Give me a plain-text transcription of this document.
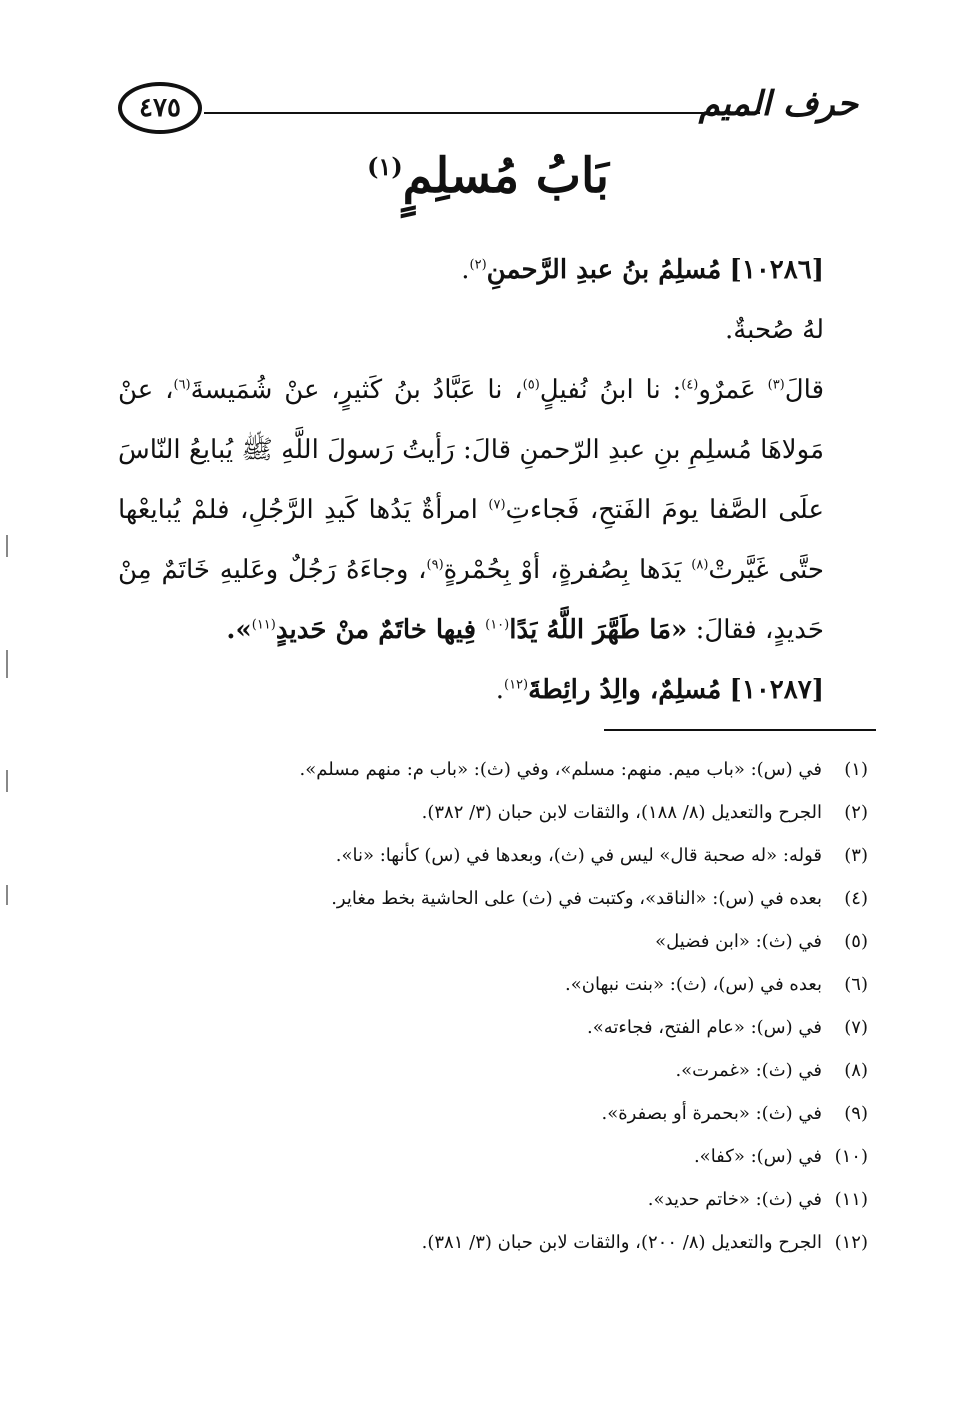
حرف الميم
٤٧٥
بَابُ مُسلِمٍ$^{(١)}$

[١٠٢٨٦] مُسلِمُ بنُ عبدِ الرَّحمنِ$^{(٢)}$.

لهُ صُحبةٌ.

قالَ$^{(٣)}$ عَمرٌو$^{(٤)}$: نا ابنُ نُفيلٍ$^{(٥)}$، نا عَبَّادُ بنُ كَثيرٍ، عنْ شُمَيسةَ$^{(٦)}$، عنْ مَولاهَا مُسلِمِ بنِ عبدِ الرّحمنِ قالَ: رَأيتُ رَسولَ اللَّهِ ﷺ يُبايعُ النّاسَ علَى الصَّفا يومَ الفَتحِ، فَجاءتِ$^{(٧)}$ امرأةٌ يَدُها كَيدِ الرَّجُلِ، فلمْ يُبايعْها حتَّى غَيَّرتْ$^{(٨)}$ يَدَها بِصُفرةٍ، أوْ بِحُمْرةٍ$^{(٩)}$، وجاءَهُ رَجُلٌ وعَليهِ خَاتَمٌ مِنْ حَديدٍ، فقالَ: «مَا طَهَّرَ اللَّهُ يَدًا$^{(١٠)}$ فِيها خاتَمٌ منْ حَديدٍ$^{(١١)}$».

[١٠٢٨٧] مُسلِمٌ، والِدُ رائِطةَ$^{(١٢)}$.

(١)في (س): «باب ميم. منهم: مسلم»، وفي (ث): «باب م: منهم مسلم».
(٢)الجرح والتعديل (٨/ ١٨٨)، والثقات لابن حبان (٣/ ٣٨٢).
(٣)قوله: «له صحبة قال» ليس في (ث)، وبعدها في (س) كأنها: «نا».
(٤)بعده في (س): «الناقد»، وكتبت في (ث) على الحاشية بخط مغاير.
(٥)في (ث): «ابن فضيل»
(٦)بعده في (س)، (ث): «بنت نبهان».
(٧)في (س): «عام الفتح، فجاءته».
(٨)في (ث): «غمرت».
(٩)في (ث): «بحمرة أو بصفرة».
(١٠)في (س): «كفا».
(١١)في (ث): «خاتم حديد».
(١٢)الجرح والتعديل (٨/ ٢٠٠)، والثقات لابن حبان (٣/ ٣٨١).
